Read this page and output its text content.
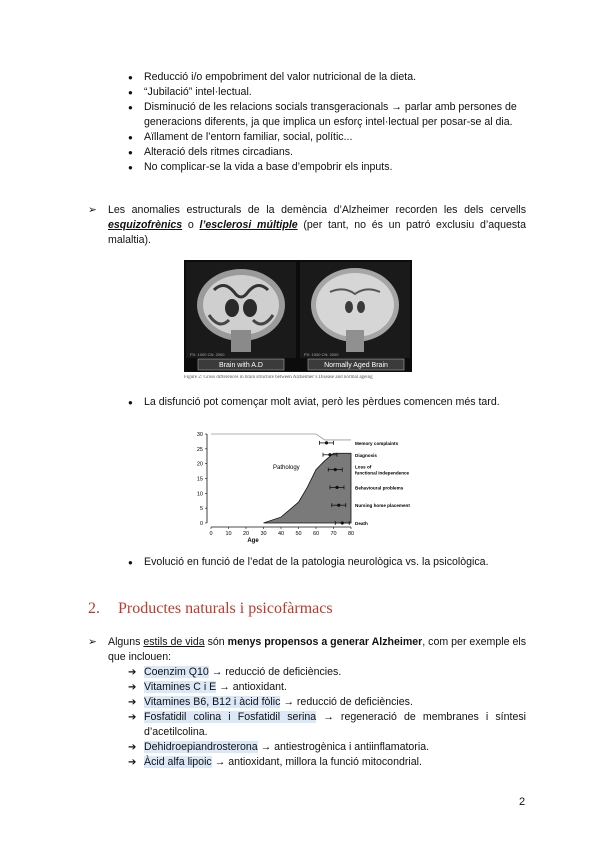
● Reducció i/o empobriment del valor nutricional de la dieta.
● “Jubilació” intel·lectual.
● Disminució de les relacions socials transgeracionals → parlar amb persones de generacions diferents, ja que implica un esforç intel·lectual per posar-se al dia.
● Aïllament de l’entorn familiar, social, polític...
● Alteració dels ritmes circadians.
● No complicar-se la vida a base d’empobrir els inputs.
➢	Les anomalies estructurals de la demència d’Alzheimer recorden les dels cervells esquizofrènics o l’esclerosi múltiple (per tant, no és un patró exclusiu d’aquesta malaltia).
PX: 1000 CN: 2000
Brain with A.D
PX: 1000 CN: 2000
Normally Aged Brain
Figure 2: Gross differences in brain structure between Alzheimer’s Disease and normal ageing
● La disfunció pot començar molt aviat, però les pèrdues comencen més tard.
0 10 20 30 40 50 60 70 80
0
5
10
15
20
25
30
Memory complaints
Diagnosis
Loss of
functional independence
Behavioural problems
Nursing home placement
Death
Age
Pathology
● Evolució en funció de l’edat de la patologia neurològica vs. la psicològica.
2. Productes naturals i psicofàrmacs
➢	Alguns estils de vida són menys propensos a generar Alzheimer, com per exemple els que inclouen:
➔ Coenzim Q10 → reducció de deficiències.
➔ Vitamines C i E → antioxidant.
➔ Vitamines B6, B12 i àcid fòlic → reducció de deficiències.
➔ Fosfatidil colina i Fosfatidil serina → regeneració de membranes i síntesi d’acetilcolina.
➔ Dehidroepiandrosterona → antiestrogènica i antiinflamatoria.
➔ Àcid alfa lipoic → antioxidant, millora la funció mitocondrial.
2
